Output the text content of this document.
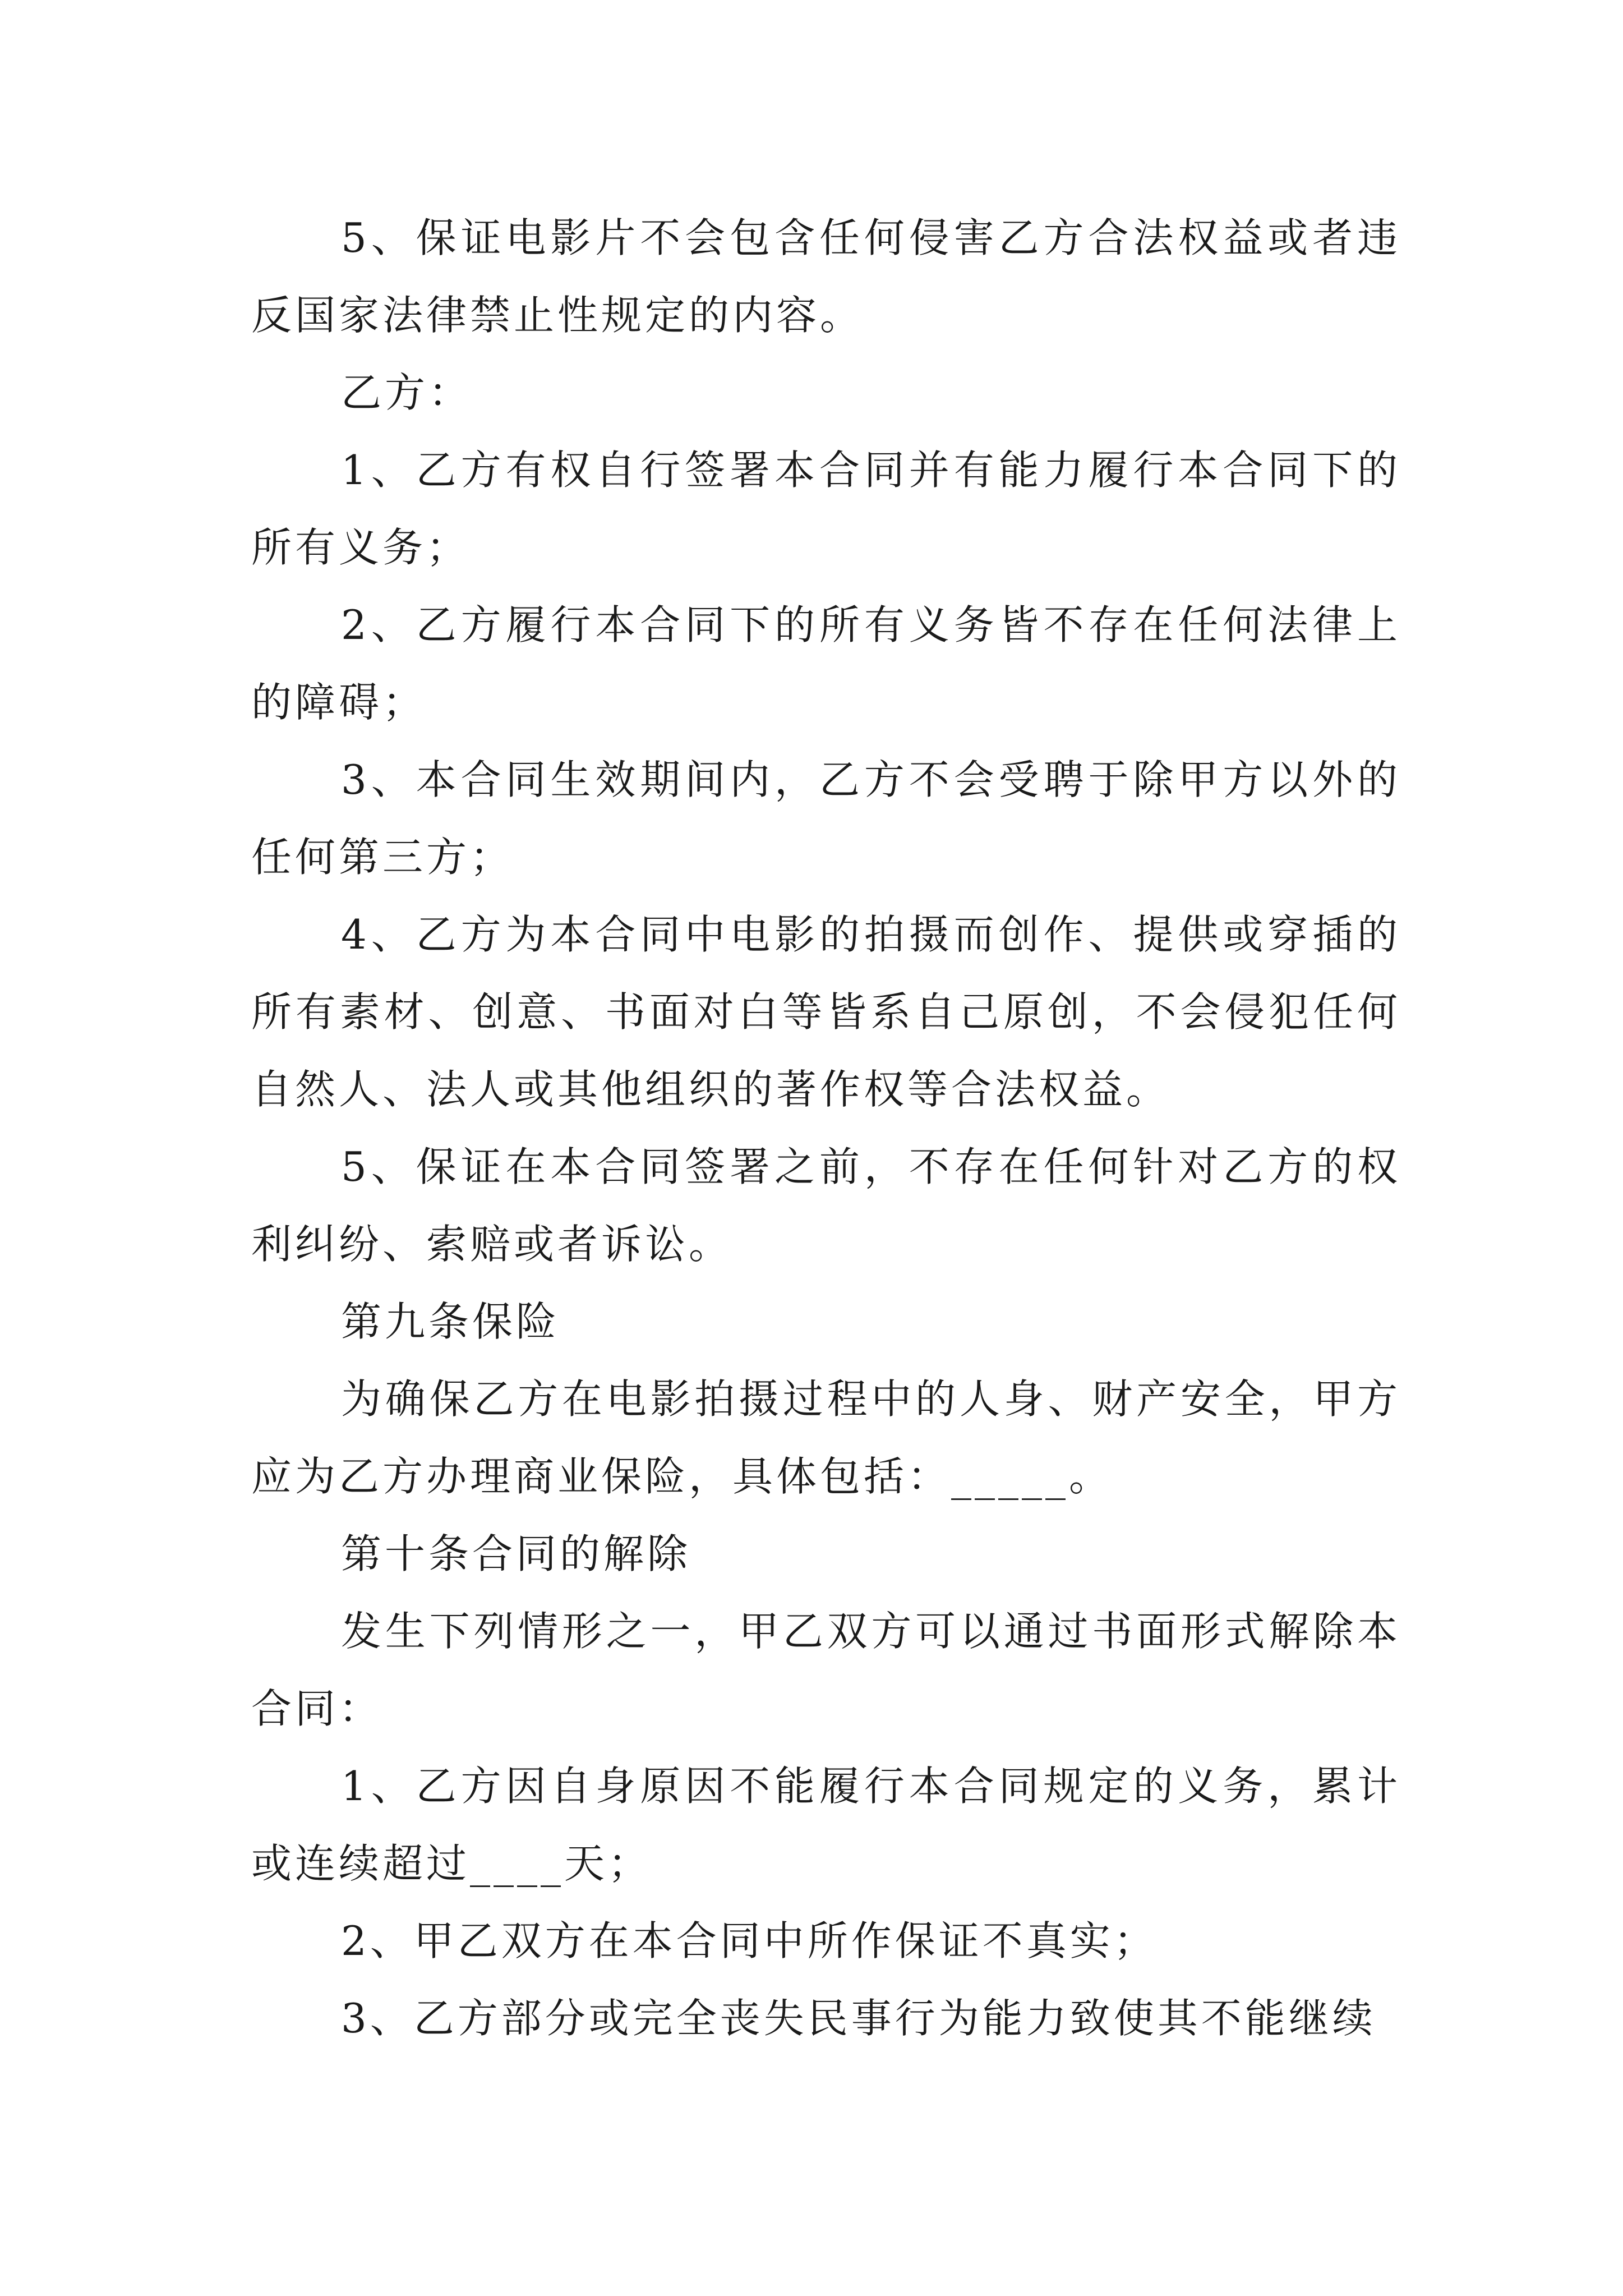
5、保证电影片不会包含任何侵害乙方合法权益或者违反国家法律禁止性规定的内容。

乙方：

1、乙方有权自行签署本合同并有能力履行本合同下的所有义务；

2、乙方履行本合同下的所有义务皆不存在任何法律上的障碍；

3、本合同生效期间内，乙方不会受聘于除甲方以外的任何第三方；

4、乙方为本合同中电影的拍摄而创作、提供或穿插的所有素材、创意、书面对白等皆系自己原创，不会侵犯任何自然人、法人或其他组织的著作权等合法权益。

5、保证在本合同签署之前，不存在任何针对乙方的权利纠纷、索赔或者诉讼。

第九条保险

为确保乙方在电影拍摄过程中的人身、财产安全，甲方应为乙方办理商业保险，具体包括：_____。

第十条合同的解除

发生下列情形之一，甲乙双方可以通过书面形式解除本合同：

1、乙方因自身原因不能履行本合同规定的义务，累计或连续超过____天；

2、甲乙双方在本合同中所作保证不真实；

3、乙方部分或完全丧失民事行为能力致使其不能继续
